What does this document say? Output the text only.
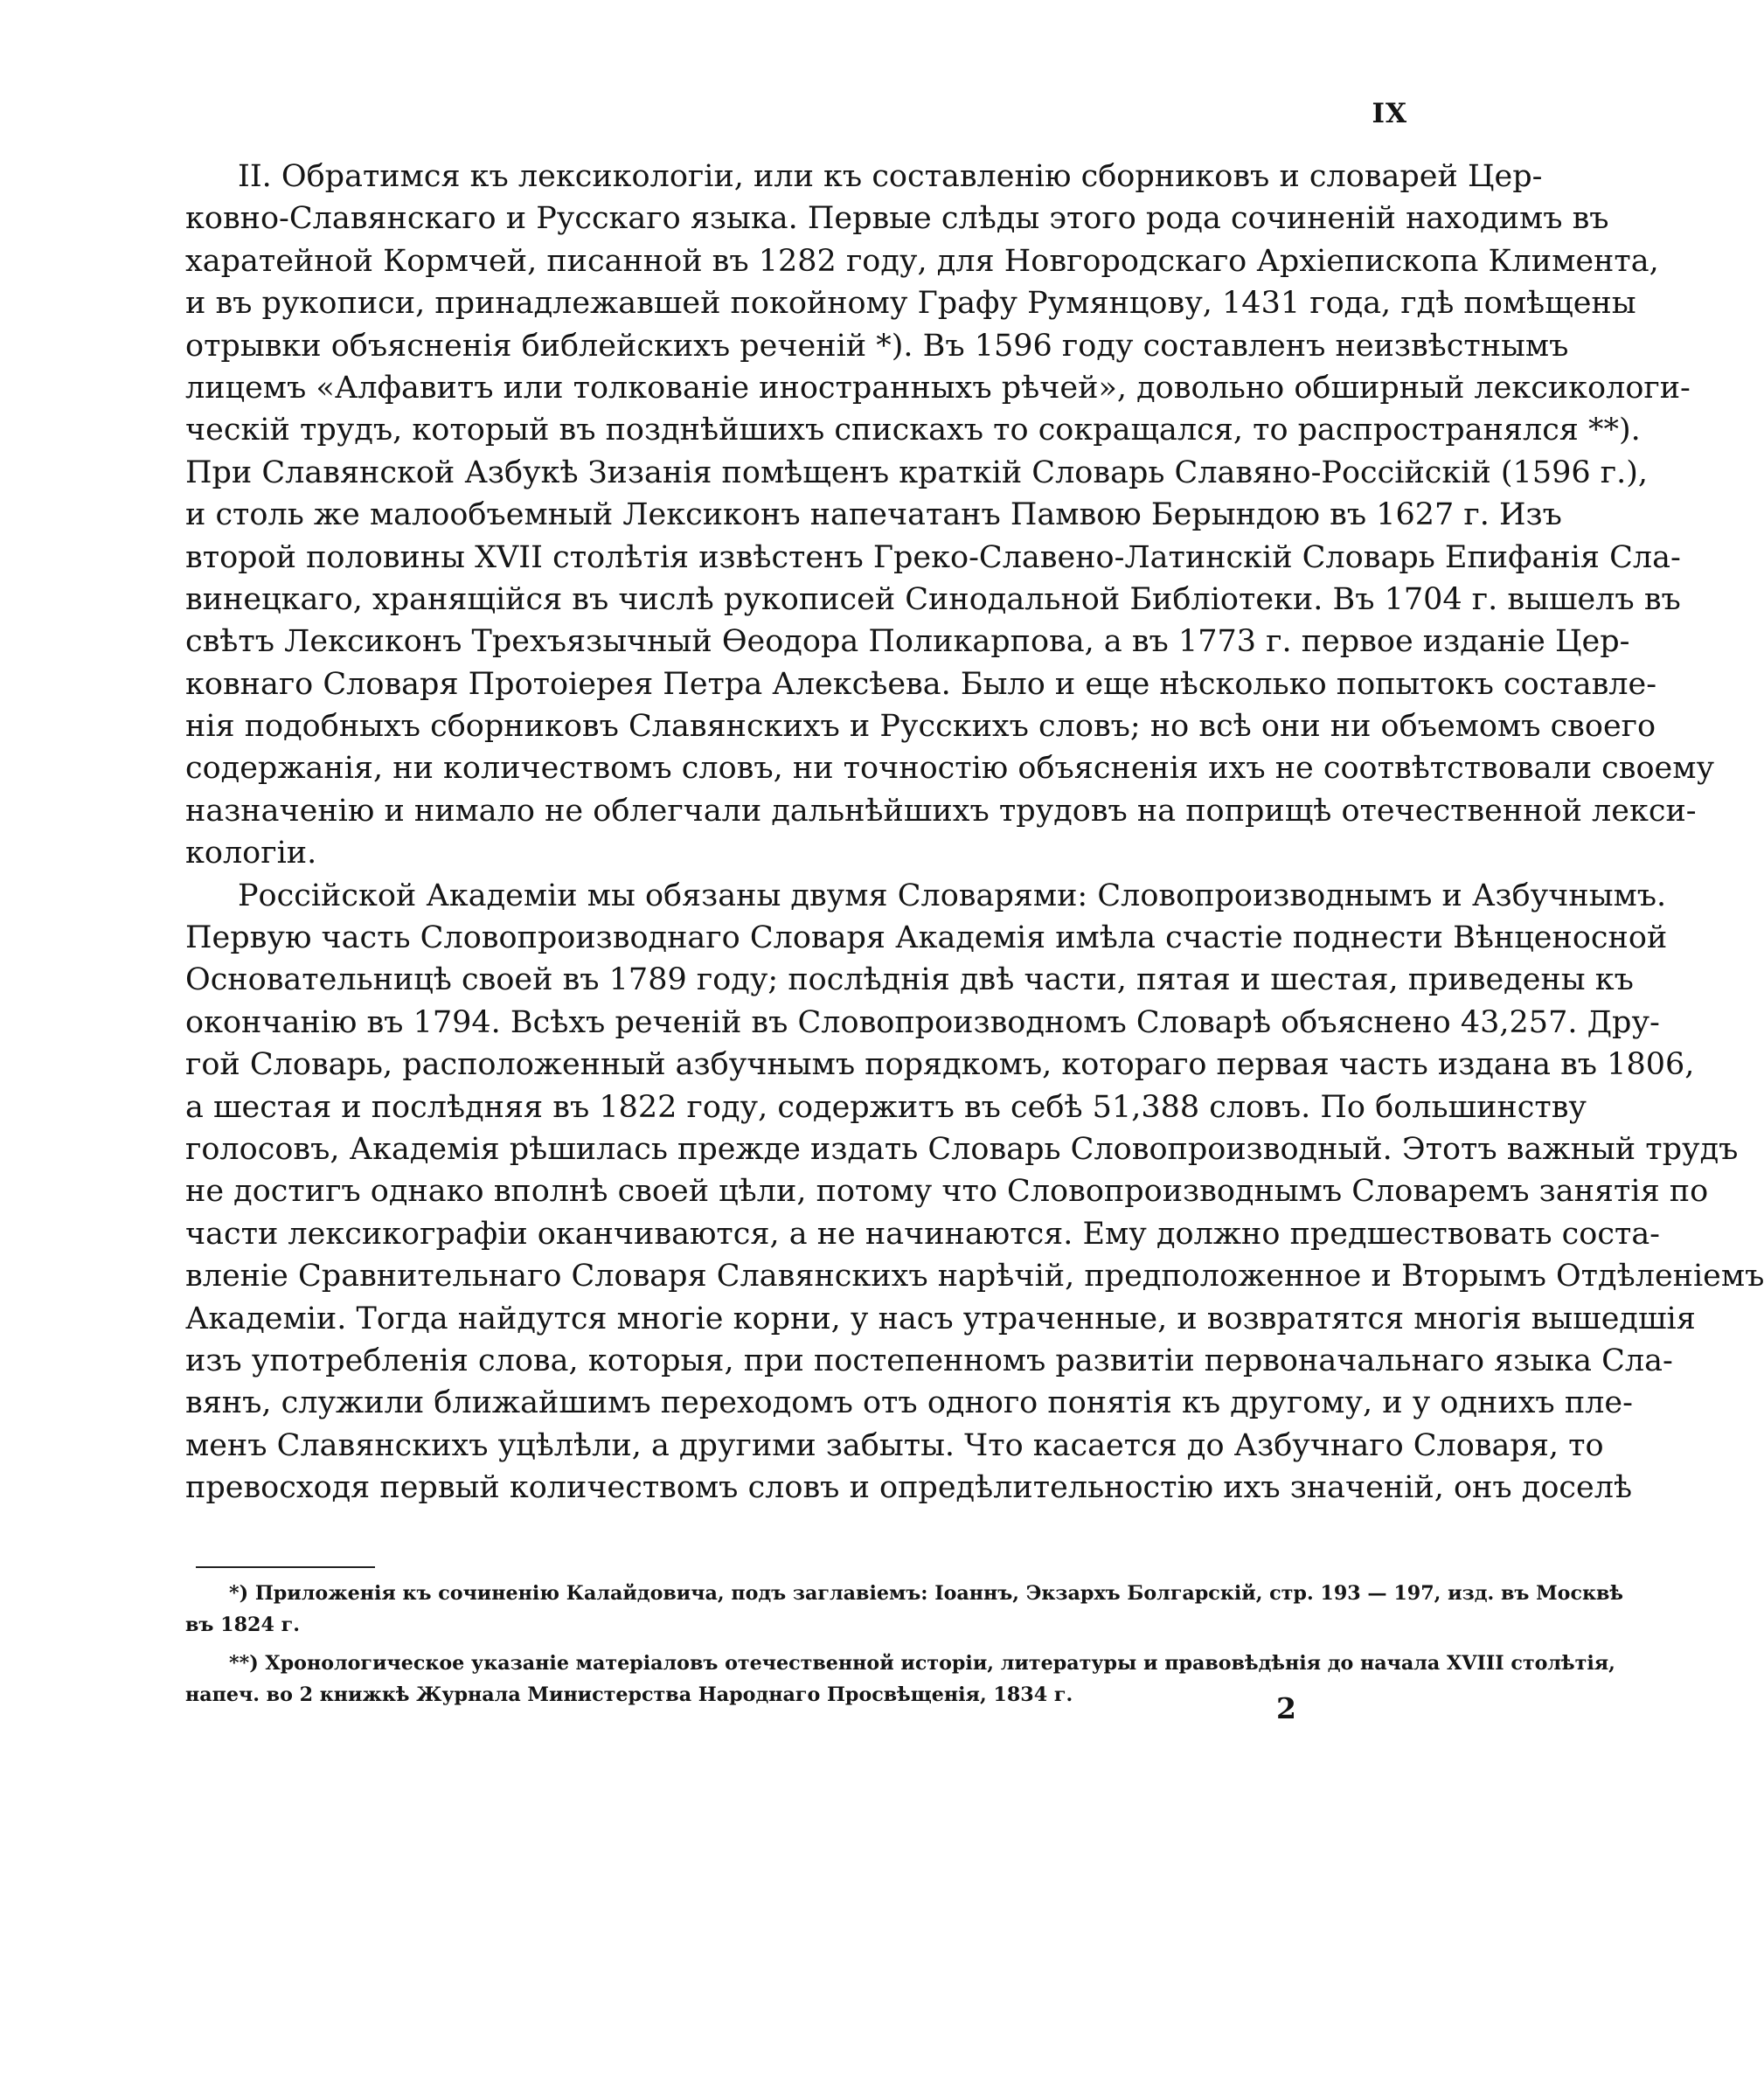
IX
II. Обратимся къ лексикологіи, или къ составленію сборниковъ и словарей Цер-
ковно-Славянскаго и Русскаго языка. Первые слѣды этого рода сочиненій находимъ въ
харатейной Кормчей, писанной въ 1282 году, для Новгородскаго Архіепископа Климента,
и въ рукописи, принадлежавшей покойному Графу Румянцову, 1431 года, гдѣ помѣщены
отрывки объясненія библейскихъ реченій *). Въ 1596 году составленъ неизвѣстнымъ
лицемъ «Алфавитъ или толкованіе иностранныхъ рѣчей», довольно обширный лексикологи-
ческій трудъ, который въ позднѣйшихъ спискахъ то сокращался, то распространялся **).
При Славянской Азбукѣ Зизанія помѣщенъ краткій Словарь Славяно-Россійскій (1596 г.),
и столь же малообъемный Лексиконъ напечатанъ Памвою Берындою въ 1627 г. Изъ
второй половины XVII столѣтія извѣстенъ Греко-Славено-Латинскій Словарь Епифанія Сла-
винецкаго, хранящійся въ числѣ рукописей Синодальной Библіотеки. Въ 1704 г. вышелъ въ
свѣтъ Лексиконъ Трехъязычный Ѳеодора Поликарпова, а въ 1773 г. первое изданіе Цер-
ковнаго Словаря Протоіерея Петра Алексѣева. Было и еще нѣсколько попытокъ составле-
нія подобныхъ сборниковъ Славянскихъ и Русскихъ словъ; но всѣ они ни объемомъ своего
содержанія, ни количествомъ словъ, ни точностію объясненія ихъ не соотвѣтствовали своему
назначенію и нимало не облегчали дальнѣйшихъ трудовъ на поприщѣ отечественной лекси-
кологіи.
Россійской Академіи мы обязаны двумя Словарями: Словопроизводнымъ и Азбучнымъ.
Первую часть Словопроизводнаго Словаря Академія имѣла счастіе поднести Вѣнценосной
Основательницѣ своей въ 1789 году; послѣднія двѣ части, пятая и шестая, приведены къ
окончанію въ 1794. Всѣхъ реченій въ Словопроизводномъ Словарѣ объяснено 43,257. Дру-
гой Словарь, расположенный азбучнымъ порядкомъ, котораго первая часть издана въ 1806,
а шестая и послѣдняя въ 1822 году, содержитъ въ себѣ 51,388 словъ. По большинству
голосовъ, Академія рѣшилась прежде издать Словарь Словопроизводный. Этотъ важный трудъ
не достигъ однако вполнѣ своей цѣли, потому что Словопроизводнымъ Словаремъ занятія по
части лексикографіи оканчиваются, а не начинаются. Ему должно предшествовать соста-
вленіе Сравнительнаго Словаря Славянскихъ нарѣчій, предположенное и Вторымъ Отдѣленіемъ
Академіи. Тогда найдутся многіе корни, у насъ утраченные, и возвратятся многія вышедшія
изъ употребленія слова, которыя, при постепенномъ развитіи первоначальнаго языка Сла-
вянъ, служили ближайшимъ переходомъ отъ одного понятія къ другому, и у однихъ пле-
менъ Славянскихъ уцѣлѣли, а другими забыты. Что касается до Азбучнаго Словаря, то
превосходя первый количествомъ словъ и опредѣлительностію ихъ значеній, онъ доселѣ
*) Приложенія къ сочиненію Калайдовича, подъ заглавіемъ: Іоаннъ, Экзархъ Болгарскій, стр. 193 — 197, изд. въ Москвѣ
въ 1824 г.
**) Хронологическое указаніе матеріаловъ отечественной исторіи, литературы и правовѣдѣнія до начала XVIII столѣтія,
напеч. во 2 книжкѣ Журнала Министерства Народнаго Просвѣщенія, 1834 г.	2
